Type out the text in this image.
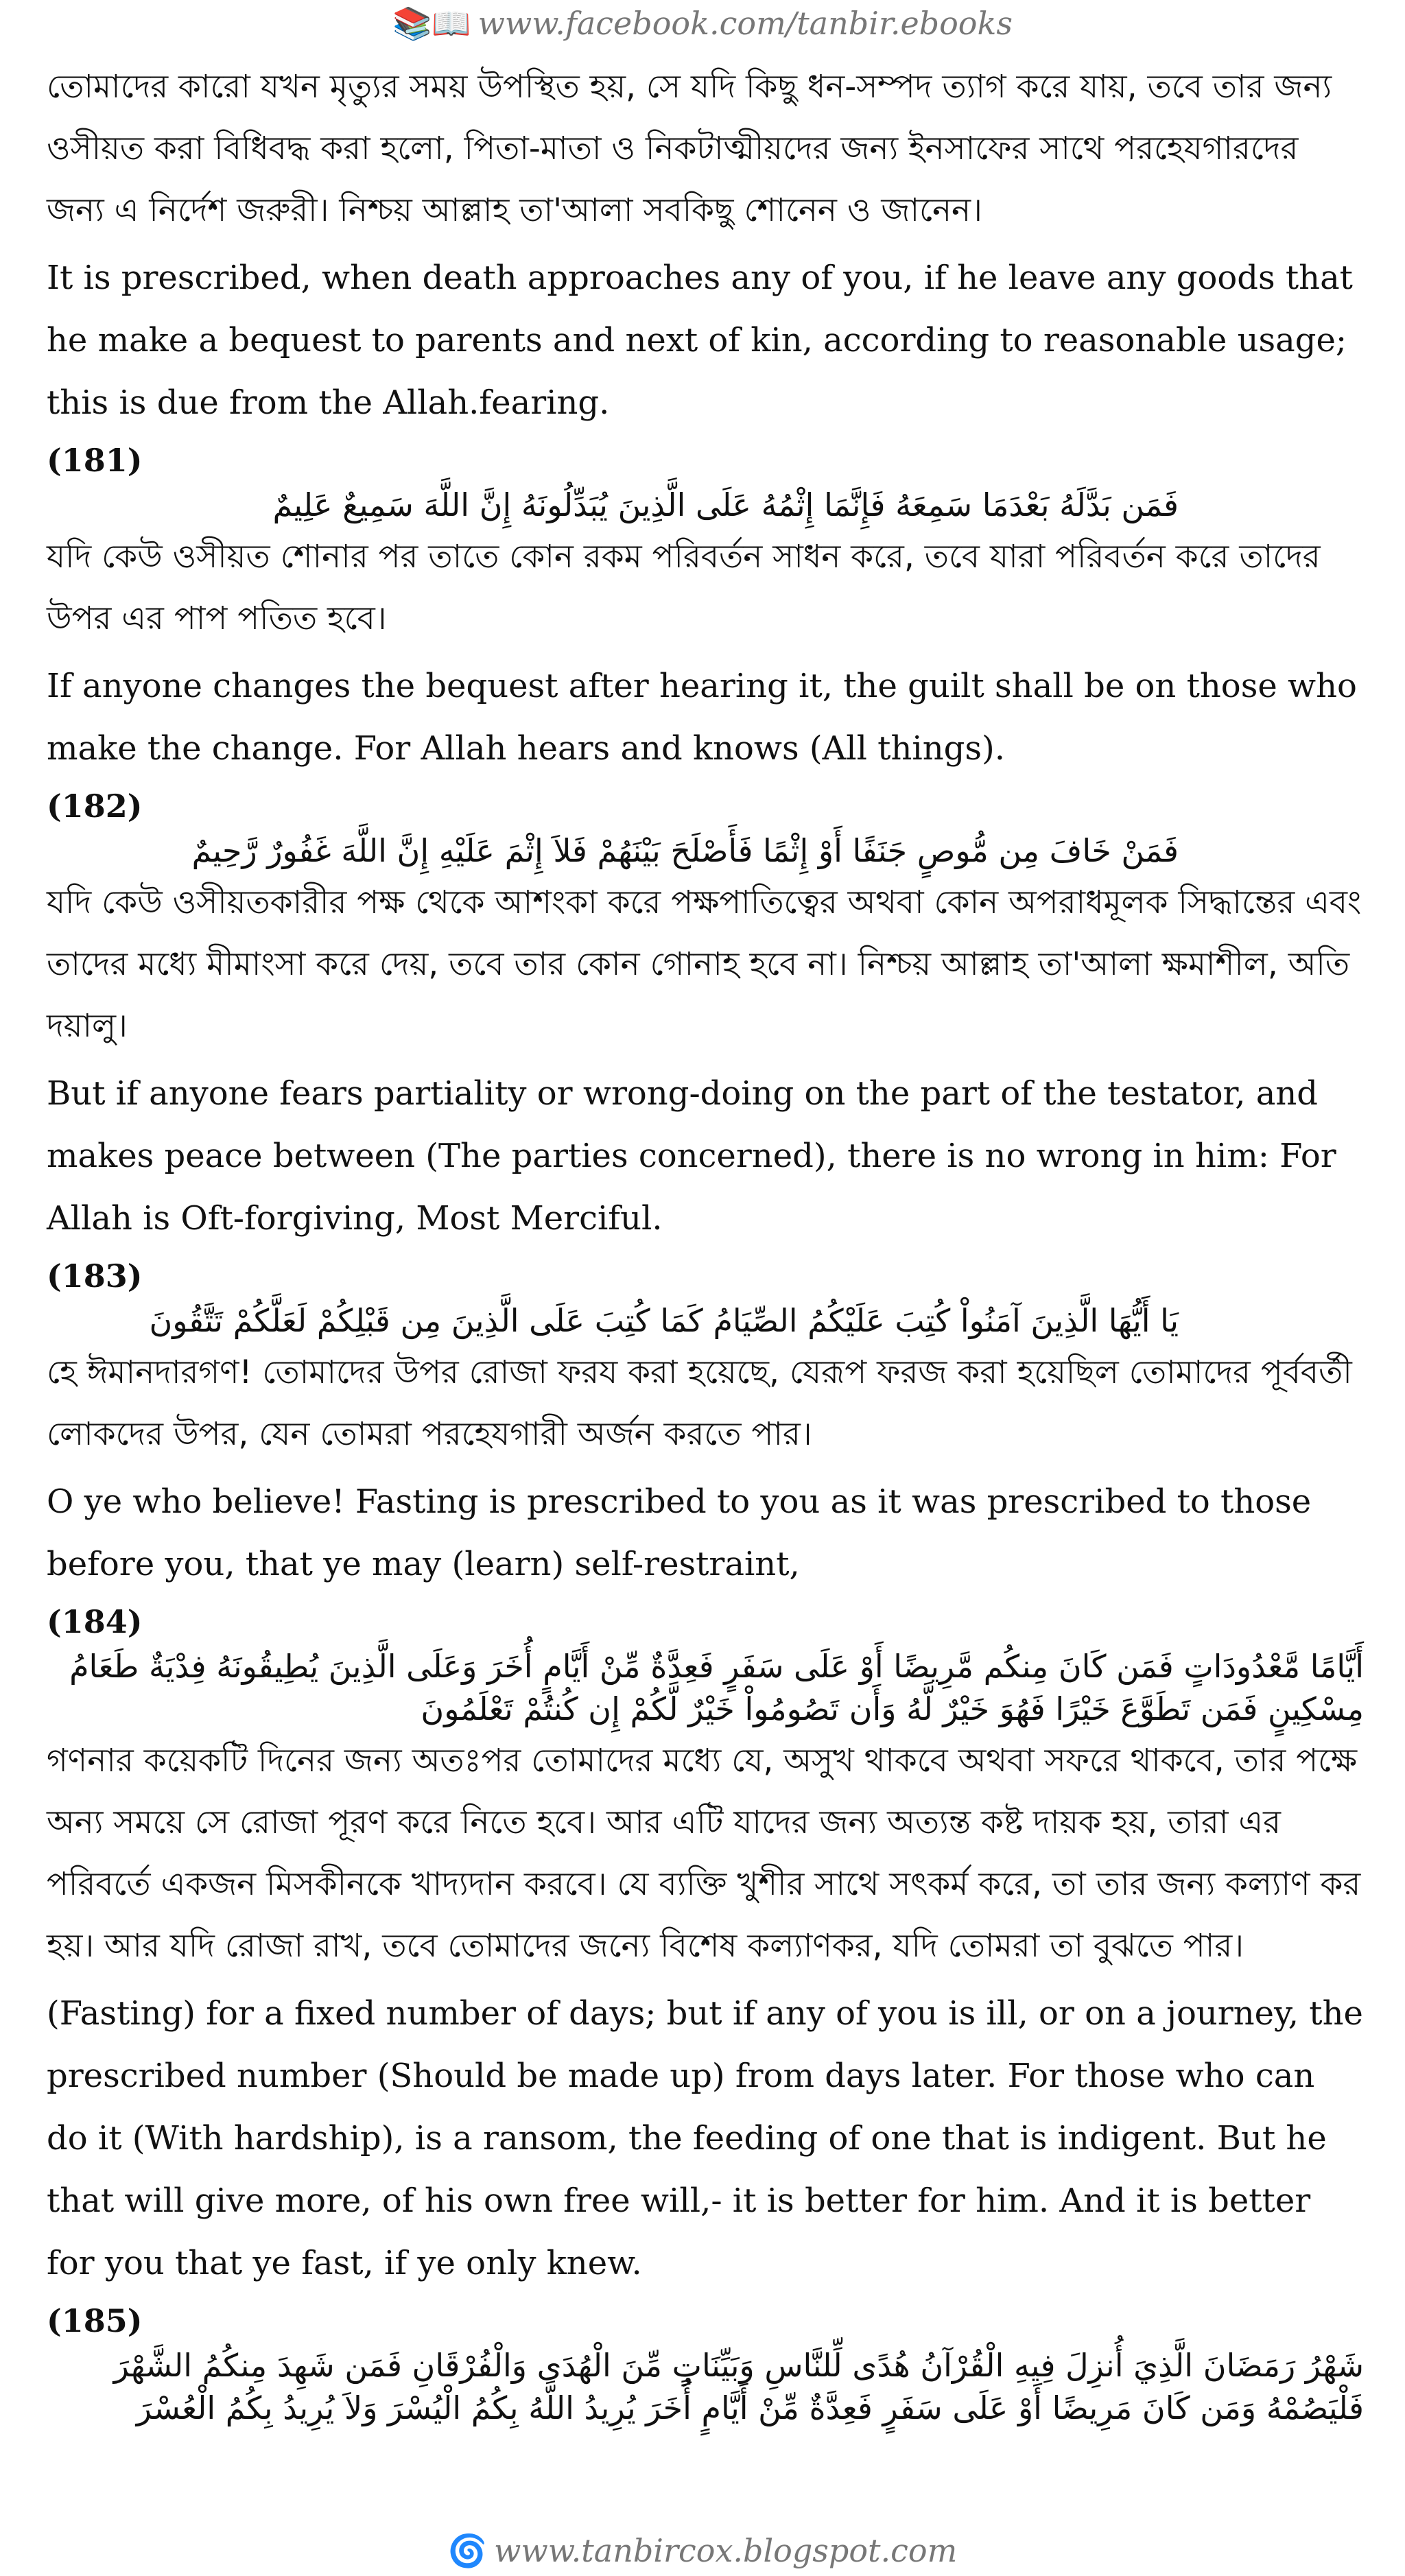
📚📖 www.facebook.com/tanbir.ebooks

তোমাদের কারো যখন মৃত্যুর সময় উপস্থিত হয়, সে যদি কিছু ধন-সম্পদ ত্যাগ করে যায়, তবে তার জন্য ওসীয়ত করা বিধিবদ্ধ করা হলো, পিতা-মাতা ও নিকটাত্মীয়দের জন্য ইনসাফের সাথে পরহেযগারদের জন্য এ নির্দেশ জরুরী। নিশ্চয় আল্লাহ তা'আলা সবকিছু শোনেন ও জানেন।

It is prescribed, when death approaches any of you, if he leave any goods that he make a bequest to parents and next of kin, according to reasonable usage; this is due from the Allah.fearing.

(181)

فَمَن بَدَّلَهُ بَعْدَمَا سَمِعَهُ فَإِنَّمَا إِثْمُهُ عَلَى الَّذِينَ يُبَدِّلُونَهُ إِنَّ اللَّهَ سَمِيعٌ عَلِيمٌ

যদি কেউ ওসীয়ত শোনার পর তাতে কোন রকম পরিবর্তন সাধন করে, তবে যারা পরিবর্তন করে তাদের উপর এর পাপ পতিত হবে।

If anyone changes the bequest after hearing it, the guilt shall be on those who make the change. For Allah hears and knows (All things).

(182)

فَمَنْ خَافَ مِن مُّوصٍ جَنَفًا أَوْ إِثْمًا فَأَصْلَحَ بَيْنَهُمْ فَلاَ إِثْمَ عَلَيْهِ إِنَّ اللَّهَ غَفُورٌ رَّحِيمٌ

যদি কেউ ওসীয়তকারীর পক্ষ থেকে আশংকা করে পক্ষপাতিত্বের অথবা কোন অপরাধমূলক সিদ্ধান্তের এবং তাদের মধ্যে মীমাংসা করে দেয়, তবে তার কোন গোনাহ হবে না। নিশ্চয় আল্লাহ তা'আলা ক্ষমাশীল, অতি দয়ালু।

But if anyone fears partiality or wrong-doing on the part of the testator, and makes peace between (The parties concerned), there is no wrong in him: For Allah is Oft-forgiving, Most Merciful.

(183)

يَا أَيُّهَا الَّذِينَ آمَنُواْ كُتِبَ عَلَيْكُمُ الصِّيَامُ كَمَا كُتِبَ عَلَى الَّذِينَ مِن قَبْلِكُمْ لَعَلَّكُمْ تَتَّقُونَ

হে ঈমানদারগণ! তোমাদের উপর রোজা ফরয করা হয়েছে, যেরূপ ফরজ করা হয়েছিল তোমাদের পূর্ববর্তী লোকদের উপর, যেন তোমরা পরহেযগারী অর্জন করতে পার।

O ye who believe! Fasting is prescribed to you as it was prescribed to those before you, that ye may (learn) self-restraint,

(184)

أَيَّامًا مَّعْدُودَاتٍ فَمَن كَانَ مِنكُم مَّرِيضًا أَوْ عَلَى سَفَرٍ فَعِدَّةٌ مِّنْ أَيَّامٍ أُخَرَ وَعَلَى الَّذِينَ يُطِيقُونَهُ فِدْيَةٌ طَعَامُ مِسْكِينٍ فَمَن تَطَوَّعَ خَيْرًا فَهُوَ خَيْرٌ لَّهُ وَأَن تَصُومُواْ خَيْرٌ لَّكُمْ إِن كُنتُمْ تَعْلَمُونَ

গণনার কয়েকটি দিনের জন্য অতঃপর তোমাদের মধ্যে যে, অসুখ থাকবে অথবা সফরে থাকবে, তার পক্ষে অন্য সময়ে সে রোজা পূরণ করে নিতে হবে। আর এটি যাদের জন্য অত্যন্ত কষ্ট দায়ক হয়, তারা এর পরিবর্তে একজন মিসকীনকে খাদ্যদান করবে। যে ব্যক্তি খুশীর সাথে সৎকর্ম করে, তা তার জন্য কল্যাণ কর হয়। আর যদি রোজা রাখ, তবে তোমাদের জন্যে বিশেষ কল্যাণকর, যদি তোমরা তা বুঝতে পার।

(Fasting) for a fixed number of days; but if any of you is ill, or on a journey, the prescribed number (Should be made up) from days later. For those who can do it (With hardship), is a ransom, the feeding of one that is indigent. But he that will give more, of his own free will,- it is better for him. And it is better for you that ye fast, if ye only knew.

(185)

شَهْرُ رَمَضَانَ الَّذِيَ أُنزِلَ فِيهِ الْقُرْآنُ هُدًى لِّلنَّاسِ وَبَيِّنَاتٍ مِّنَ الْهُدَى وَالْفُرْقَانِ فَمَن شَهِدَ مِنكُمُ الشَّهْرَ فَلْيَصُمْهُ وَمَن كَانَ مَرِيضًا أَوْ عَلَى سَفَرٍ فَعِدَّةٌ مِّنْ أَيَّامٍ أُخَرَ يُرِيدُ اللَّهُ بِكُمُ الْيُسْرَ وَلاَ يُرِيدُ بِكُمُ الْعُسْرَ

🌀 www.tanbircox.blogspot.com
